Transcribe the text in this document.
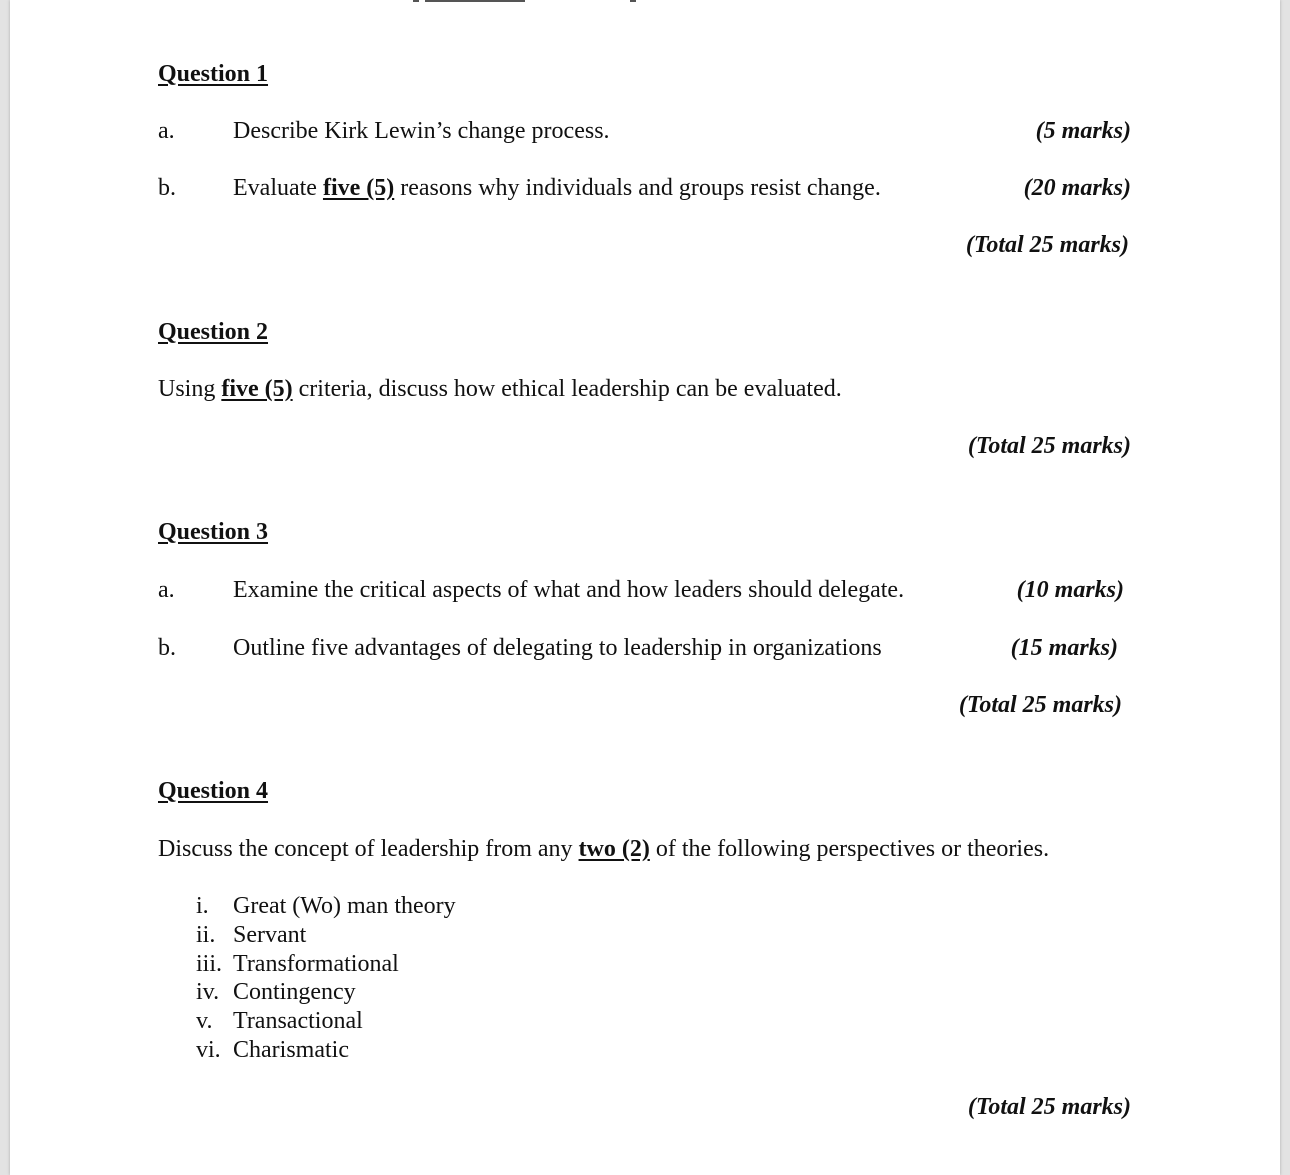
Question 1
a. Describe Kirk Lewin’s change process.	(5 marks)
b. Evaluate five (5) reasons why individuals and groups resist change.	(20 marks)
(Total 25 marks)
Question 2
Using five (5) criteria, discuss how ethical leadership can be evaluated.
(Total 25 marks)
Question 3
a. Examine the critical aspects of what and how leaders should delegate.	(10 marks)
b. Outline five advantages of delegating to leadership in organizations	(15 marks)
(Total 25 marks)
Question 4
Discuss the concept of leadership from any two (2) of the following perspectives or theories.
i. Great (Wo) man theory
ii. Servant
iii. Transformational
iv. Contingency
v. Transactional
vi. Charismatic
(Total 25 marks)
